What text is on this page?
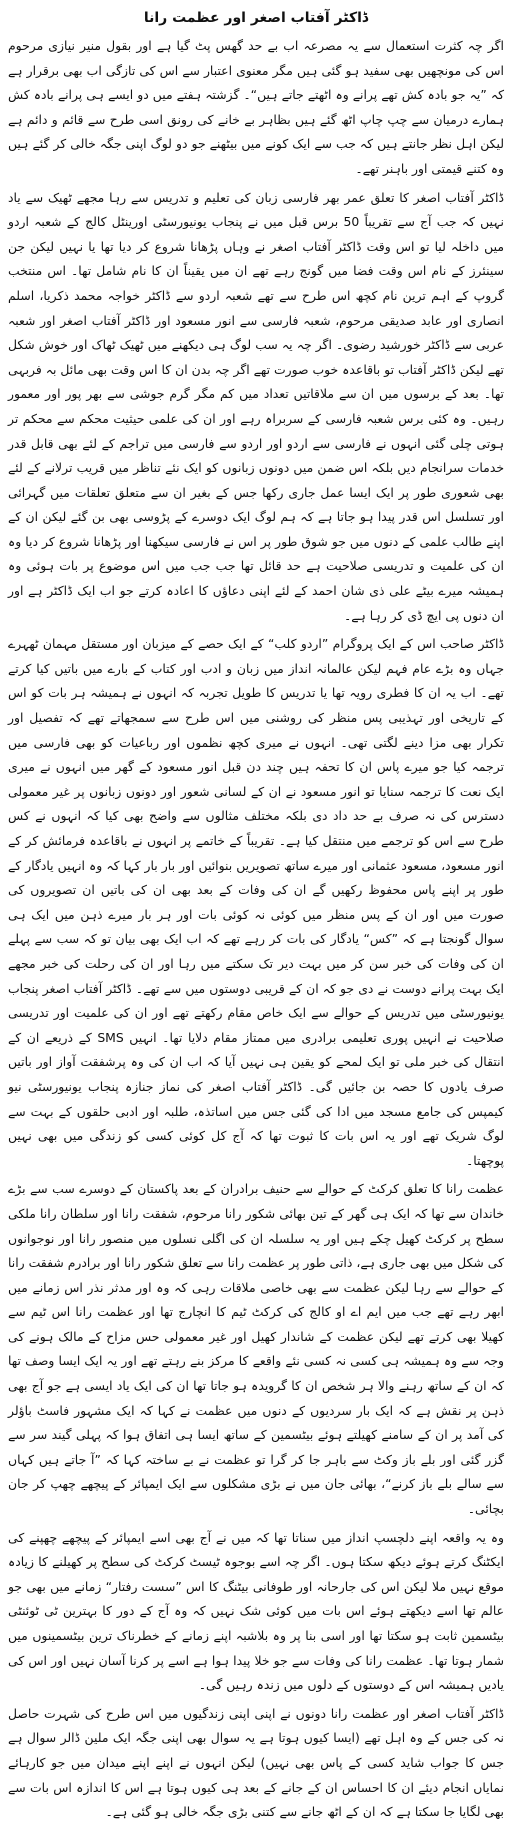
ڈاکٹر آفتاب اصغر اور عظمت رانا

اگر چہ کثرت استعمال سے یہ مصرعہ اب بے حد گھس پٹ گیا ہے اور بقول منیر نیازی مرحوم اس کی مونچھیں بھی سفید ہو گئی ہیں مگر معنوی اعتبار سے اس کی تازگی اب بھی برقرار ہے کہ ”یہ جو بادہ کش تھے پرانے وہ اٹھتے جاتے ہیں“۔ گزشتہ ہفتے میں دو ایسے ہی پرانے بادہ کش ہمارے درمیان سے چپ چاپ اٹھ گئے ہیں بظاہر بے خانے کی رونق اسی طرح سے قائم و دائم ہے لیکن اہل نظر جانتے ہیں کہ جب سے ایک کونے میں بیٹھنے جو دو لوگ اپنی جگہ خالی کر گئے ہیں وہ کتنے قیمتی اور باہنر تھے۔

ڈاکٹر آفتاب اصغر کا تعلق عمر بھر فارسی زبان کی تعلیم و تدریس سے رہا مجھے ٹھیک سے یاد نہیں کہ جب آج سے تقریباً 50 برس قبل میں نے پنجاب یونیورسٹی اورینٹل کالج کے شعبہ اردو میں داخلہ لیا تو اس وقت ڈاکٹر آفتاب اصغر نے وہاں پڑھانا شروع کر دیا تھا یا نہیں لیکن جن سینئرز کے نام اس وقت فضا میں گونج رہے تھے ان میں یقیناً ان کا نام شامل تھا۔ اس منتخب گروپ کے اہم ترین نام کچھ اس طرح سے تھے شعبہ اردو سے ڈاکٹر خواجہ محمد ذکریا، اسلم انصاری اور عابد صدیقی مرحوم، شعبہ فارسی سے انور مسعود اور ڈاکٹر آفتاب اصغر اور شعبہ عربی سے ڈاکٹر خورشید رضوی۔ اگر چہ یہ سب لوگ ہی دیکھنے میں ٹھیک ٹھاک اور خوش شکل تھے لیکن ڈاکٹر آفتاب تو باقاعدہ خوب صورت تھے اگر چہ بدن ان کا اس وقت بھی مائل بہ فربہی تھا۔ بعد کے برسوں میں ان سے ملاقاتیں تعداد میں کم مگر گرم جوشی سے بھر پور اور معمور رہیں۔ وہ کئی برس شعبہ فارسی کے سربراہ رہے اور ان کی علمی حیثیت محکم سے محکم تر ہوتی چلی گئی انہوں نے فارسی سے اردو اور اردو سے فارسی میں تراجم کے لئے بھی قابل قدر خدمات سرانجام دیں بلکہ اس ضمن میں دونوں زبانوں کو ایک نئے تناظر میں قریب ترلانے کے لئے بھی شعوری طور پر ایک ایسا عمل جاری رکھا جس کے بغیر ان سے متعلق تعلقات میں گہرائی اور تسلسل اس قدر پیدا ہو جاتا ہے کہ ہم لوگ ایک دوسرے کے پڑوسی بھی بن گئے لیکن ان کے اپنے طالب علمی کے دنوں میں جو شوق طور پر اس نے فارسی سیکھنا اور پڑھانا شروع کر دیا وہ ان کی علمیت و تدریسی صلاحیت ہے حد قائل تھا جب جب میں اس موضوع پر بات ہوئی وہ ہمیشہ میرے بیٹے علی ذی شان احمد کے لئے اپنی دعاؤں کا اعادہ کرتے جو اب ایک ڈاکٹر ہے اور ان دنوں پی ایچ ڈی کر رہا ہے۔

ڈاکٹر صاحب اس کے ایک پروگرام ”اردو کلب“ کے ایک حصے کے میزبان اور مستقل مہمان ٹھہرے جہاں وہ بڑے عام فہم لیکن عالمانہ انداز میں زبان و ادب اور کتاب کے بارے میں باتیں کیا کرتے تھے۔ اب یہ ان کا فطری رویہ تھا یا تدریس کا طویل تجربہ کہ انہوں نے ہمیشہ ہر بات کو اس کے تاریخی اور تہذیبی پس منظر کی روشنی میں اس طرح سے سمجھاتے تھے کہ تفصیل اور تکرار بھی مزا دینے لگتی تھی۔ انہوں نے میری کچھ نظموں اور رباعیات کو بھی فارسی میں ترجمہ کیا جو میرے پاس ان کا تحفہ ہیں چند دن قبل انور مسعود کے گھر میں انہوں نے میری ایک نعت کا ترجمہ سنایا تو انور مسعود نے ان کے لسانی شعور اور دونوں زبانوں پر غیر معمولی دسترس کی نہ صرف بے حد داد دی بلکہ مختلف مثالوں سے واضح بھی کیا کہ انہوں نے کس طرح سے اس کو ترجمے میں منتقل کیا ہے۔ تقریباً کے خاتمے پر انہوں نے باقاعدہ فرمائش کر کے انور مسعود، مسعود عثمانی اور میرے ساتھ تصویریں بنوائیں اور بار بار کہا کہ وہ انہیں یادگار کے طور پر اپنے پاس محفوظ رکھیں گے ان کی وفات کے بعد بھی ان کی باتیں ان تصویروں کی صورت میں اور ان کے پس منظر میں کوئی نہ کوئی بات اور ہر بار میرے ذہن میں ایک ہی سوال گونجتا ہے کہ ”کس“ یادگار کی بات کر رہے تھے کہ اب ایک بھی بیان تو کہ سب سے پہلے ان کی وفات کی خبر سن کر میں بہت دیر تک سکتے میں رہا اور ان کی رحلت کی خبر مجھے ایک بہت پرانے دوست نے دی جو کہ ان کے قریبی دوستوں میں سے تھے۔ ڈاکٹر آفتاب اصغر پنجاب یونیورسٹی میں تدریس کے حوالے سے ایک خاص مقام رکھتے تھے اور ان کی علمیت اور تدریسی صلاحیت نے انہیں پوری تعلیمی برادری میں ممتاز مقام دلایا تھا۔ انہیں SMS کے ذریعے ان کے انتقال کی خبر ملی تو ایک لمحے کو یقین ہی نہیں آیا کہ اب ان کی وہ پرشفقت آواز اور باتیں صرف یادوں کا حصہ بن جائیں گی۔ ڈاکٹر آفتاب اصغر کی نماز جنازہ پنجاب یونیورسٹی نیو کیمپس کی جامع مسجد میں ادا کی گئی جس میں اساتذہ، طلبہ اور ادبی حلقوں کے بہت سے لوگ شریک تھے اور یہ اس بات کا ثبوت تھا کہ آج کل کوئی کسی کو زندگی میں بھی نہیں پوچھتا۔

عظمت رانا کا تعلق کرکٹ کے حوالے سے حنیف برادران کے بعد پاکستان کے دوسرے سب سے بڑے خاندان سے تھا کہ ایک ہی گھر کے تین بھائی شکور رانا مرحوم، شفقت رانا اور سلطان رانا ملکی سطح پر کرکٹ کھیل چکے ہیں اور یہ سلسلہ ان کی اگلی نسلوں میں منصور رانا اور نوجوانوں کی شکل میں بھی جاری ہے، ذاتی طور پر عظمت رانا سے تعلق شکور رانا اور برادرم شفقت رانا کے حوالے سے رہا لیکن عظمت سے بھی خاصی ملاقات رہی کہ وہ اور مدثر نذر اس زمانے میں ابھر رہے تھے جب میں ایم اے او کالج کی کرکٹ ٹیم کا انچارج تھا اور عظمت رانا اس ٹیم سے کھیلا بھی کرتے تھے لیکن عظمت کے شاندار کھیل اور غیر معمولی حس مزاح کے مالک ہونے کی وجہ سے وہ ہمیشہ ہی کسی نہ کسی نئے واقعے کا مرکز بنے رہتے تھے اور یہ ایک ایسا وصف تھا کہ ان کے ساتھ رہنے والا ہر شخص ان کا گرویدہ ہو جاتا تھا ان کی ایک یاد ایسی ہے جو آج بھی ذہن پر نقش ہے کہ ایک بار سردیوں کے دنوں میں عظمت نے کہا کہ ایک مشہور فاسٹ باؤلر کی آمد پر ان کے سامنے کھیلتے ہوئے بیٹسمین کے ساتھ ایسا ہی اتفاق ہوا کہ پہلی گیند سر سے گزر گئی اور بلے باز وکٹ سے باہر جا کر گرا تو عظمت نے بے ساختہ کہا کہ ”آ جاتے ہیں کہاں سے سالے بلے باز کرنے“، بھائی جان میں نے بڑی مشکلوں سے ایک ایمپائر کے پیچھے چھپ کر جان بچائی۔

وہ یہ واقعہ اپنے دلچسپ انداز میں سناتا تھا کہ میں نے آج بھی اسے ایمپائر کے پیچھے چھپنے کی ایکٹنگ کرتے ہوئے دیکھ سکتا ہوں۔ اگر چہ اسے بوجوہ ٹیسٹ کرکٹ کی سطح پر کھیلنے کا زیادہ موقع نہیں ملا لیکن اس کی جارحانہ اور طوفانی بیٹنگ کا اس ”سست رفتار“ زمانے میں بھی جو عالم تھا اسے دیکھتے ہوئے اس بات میں کوئی شک نہیں کہ وہ آج کے دور کا بہترین ٹی ٹوئنٹی بیٹسمین ثابت ہو سکتا تھا اور اسی بنا پر وہ بلاشبہ اپنے زمانے کے خطرناک ترین بیٹسمینوں میں شمار ہوتا تھا۔ عظمت رانا کی وفات سے جو خلا پیدا ہوا ہے اسے پر کرنا آسان نہیں اور اس کی یادیں ہمیشہ اس کے دوستوں کے دلوں میں زندہ رہیں گی۔

ڈاکٹر آفتاب اصغر اور عظمت رانا دونوں نے اپنی اپنی زندگیوں میں اس طرح کی شہرت حاصل نہ کی جس کے وہ اہل تھے (ایسا کیوں ہوتا ہے یہ سوال بھی اپنی جگہ ایک ملین ڈالر سوال ہے جس کا جواب شاید کسی کے پاس بھی نہیں) لیکن انہوں نے اپنے اپنے میدان میں جو کارہائے نمایاں انجام دیئے ان کا احساس ان کے جانے کے بعد ہی کیوں ہوتا ہے اس کا اندازہ اس بات سے بھی لگایا جا سکتا ہے کہ ان کے اٹھ جانے سے کتنی بڑی جگہ خالی ہو گئی ہے۔
